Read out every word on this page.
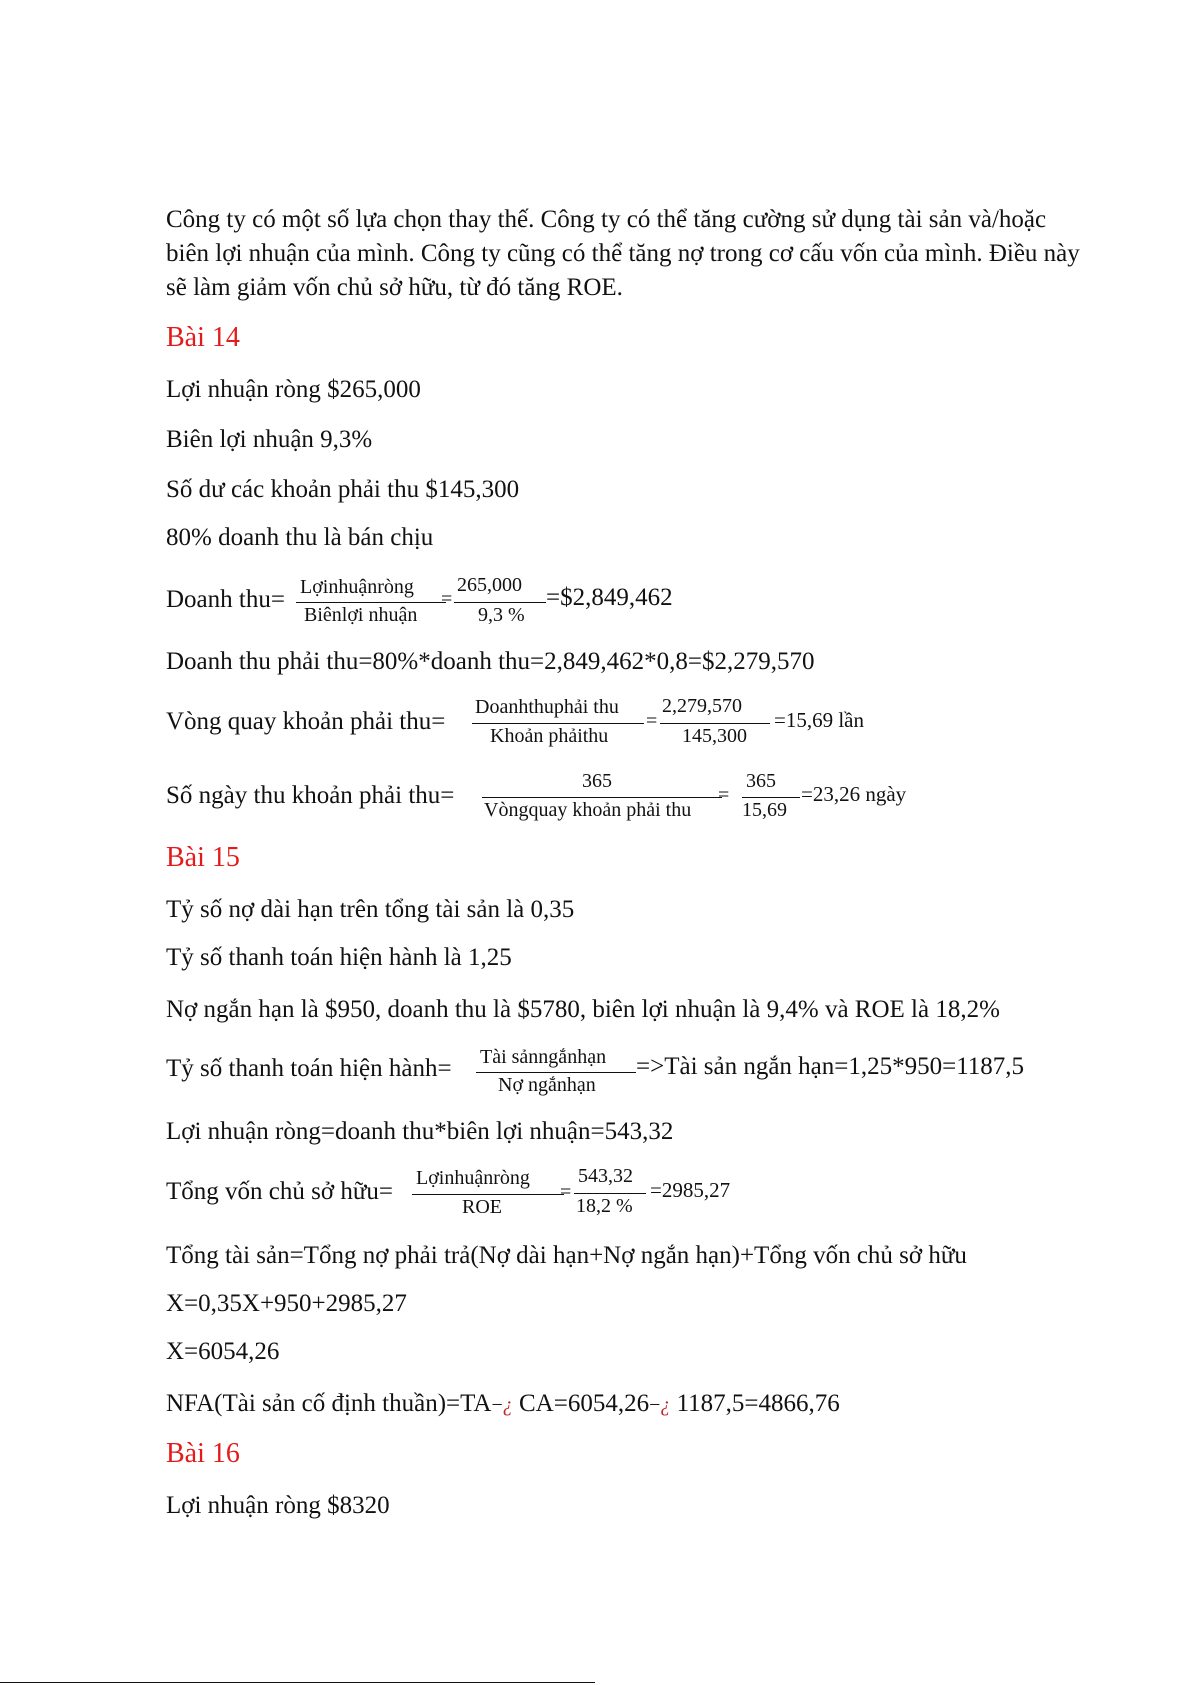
Công ty có một số lựa chọn thay thế. Công ty có thể tăng cường sử dụng tài sản và/hoặc biên lợi nhuận của mình. Công ty cũng có thể tăng nợ trong cơ cấu vốn của mình. Điều này sẽ làm giảm vốn chủ sở hữu, từ đó tăng ROE.
Bài 14
Lợi nhuận ròng $265,000
Biên lợi nhuận 9,3%
Số dư các khoản phải thu $145,300
80% doanh thu là bán chịu
Doanh thu= Lợinhuậnròng
Biênlợi nhuận
=
265,000
9,3 %
=$2,849,462
Doanh thu phải thu=80%*doanh thu=2,849,462*0,8=$2,279,570
Vòng quay khoản phải thu=
Doanhthuphải thu
Khoản phảithu
=
2,279,570
145,300
=15,69 lần
Số ngày thu khoản phải thu=
365
Vòngquay khoản phải thu
=
365
15,69
=23,26 ngày
Bài 15
Tỷ số nợ dài hạn trên tổng tài sản là 0,35
Tỷ số thanh toán hiện hành là 1,25
Nợ ngắn hạn là $950, doanh thu là $5780, biên lợi nhuận là 9,4% và ROE là 18,2%
Tỷ số thanh toán hiện hành= Tài sảnngắnhạn
Nợ ngắnhạn
=>Tài sản ngắn hạn=1,25*950=1187,5
Lợi nhuận ròng=doanh thu*biên lợi nhuận=543,32
Tổng vốn chủ sở hữu= Lợinhuậnròng
ROE
=
543,32
18,2 %
=2985,27
Tổng tài sản=Tổng nợ phải trả(Nợ dài hạn+Nợ ngắn hạn)+Tổng vốn chủ sở hữu
X=0,35X+950+2985,27
X=6054,26
NFA(Tài sản cố định thuần)=TA−¿ CA=6054,26−¿ 1187,5=4866,76
Bài 16
Lợi nhuận ròng $8320
